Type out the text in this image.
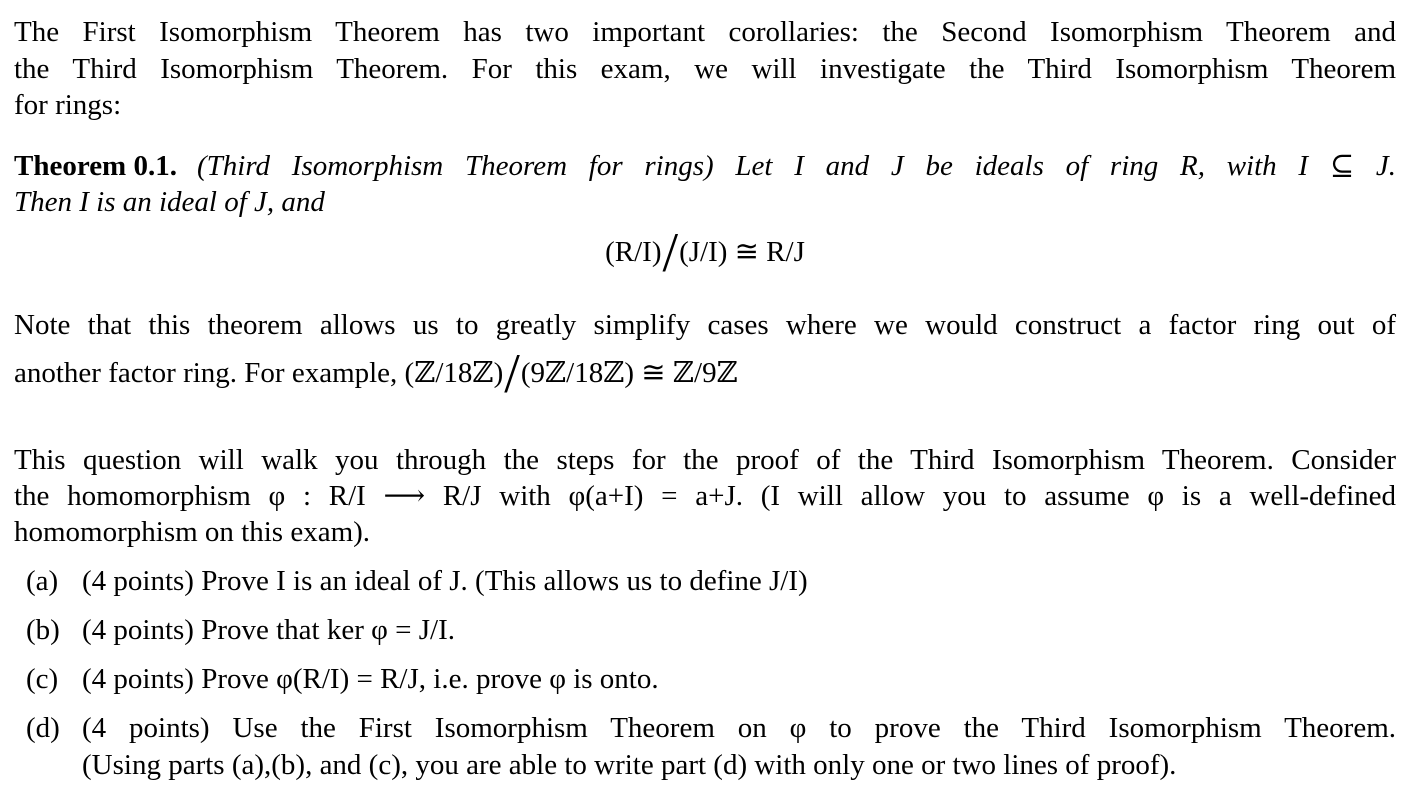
The First Isomorphism Theorem has two important corollaries: the Second Isomorphism Theorem and
the Third Isomorphism Theorem. For this exam, we will investigate the Third Isomorphism Theorem
for rings:
Theorem 0.1. (Third Isomorphism Theorem for rings) Let I and J be ideals of ring R, with I ⊆ J.
Then I is an ideal of J, and
(R/I)/(J/I) ≅ R/J
Note that this theorem allows us to greatly simplify cases where we would construct a factor ring out of
another factor ring. For example, (ℤ/18ℤ)/(9ℤ/18ℤ) ≅ ℤ/9ℤ
This question will walk you through the steps for the proof of the Third Isomorphism Theorem. Consider
the homomorphism φ : R/I ⟶ R/J with φ(a+I) = a+J. (I will allow you to assume φ is a well-defined
homomorphism on this exam).
(a) (4 points) Prove I is an ideal of J. (This allows us to define J/I)
(b) (4 points) Prove that ker φ = J/I.
(c) (4 points) Prove φ(R/I) = R/J, i.e. prove φ is onto.
(d) (4 points) Use the First Isomorphism Theorem on φ to prove the Third Isomorphism Theorem.
(Using parts (a),(b), and (c), you are able to write part (d) with only one or two lines of proof).
